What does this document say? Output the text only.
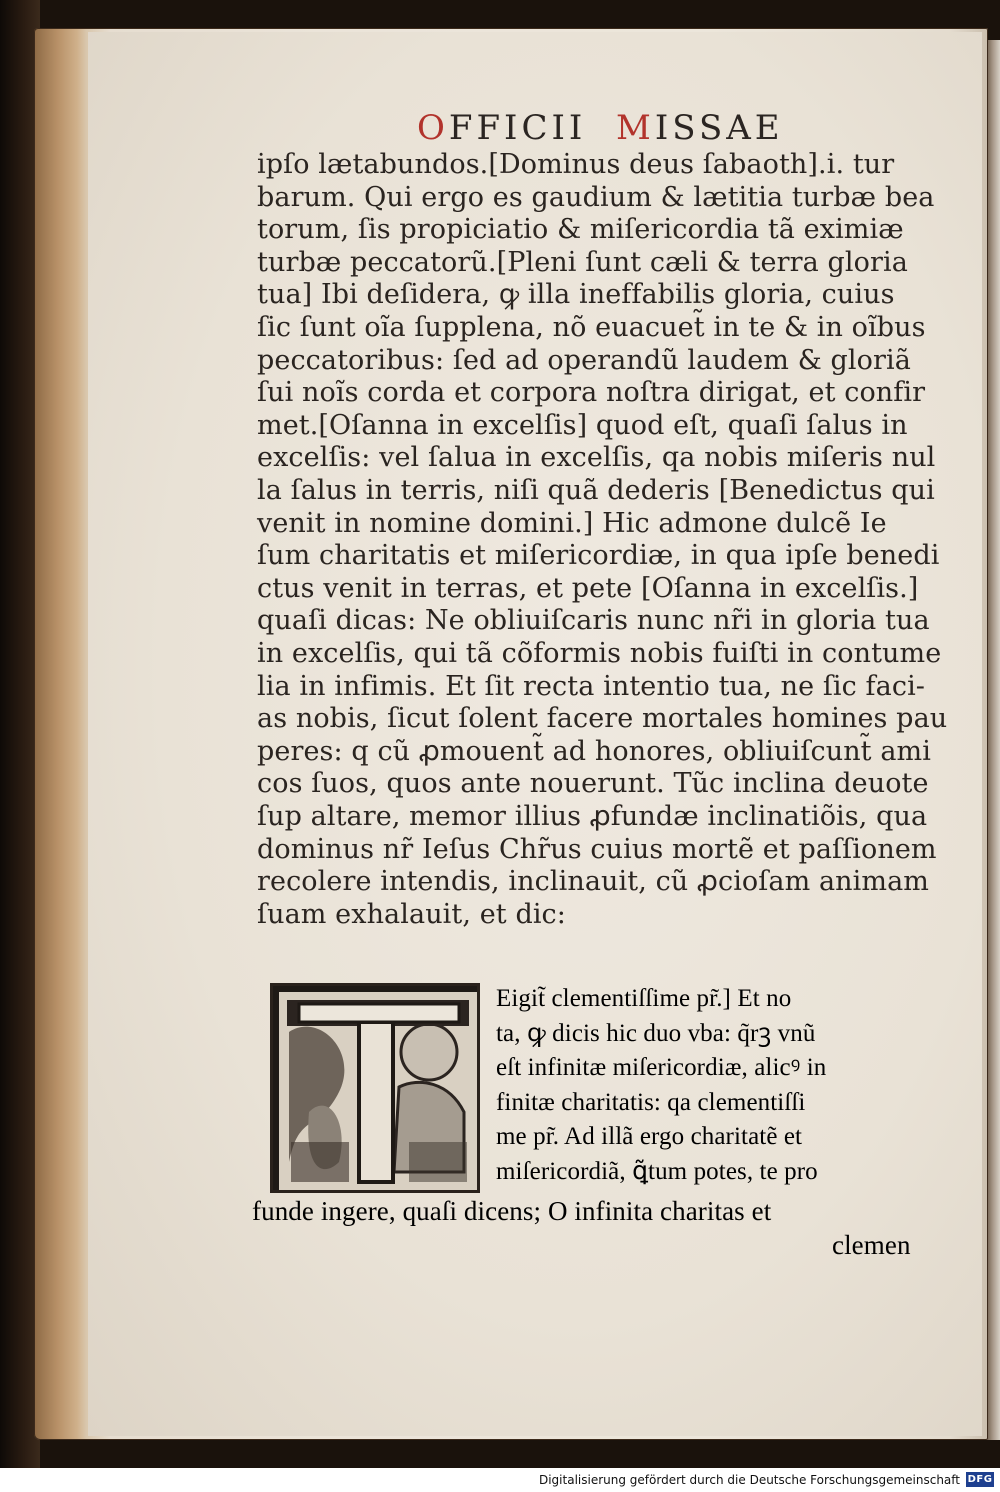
OFFICII MISSAE
ipſo lætabundos.[Dominus deus ſabaoth].i. tur
barum. Qui ergo es gaudium & lætitia turbæ bea
torum, ſis propiciatio & miſericordia tã eximiæ
turbæ peccatorũ.[Pleni ſunt cæli & terra gloria
tua] Ibi deſidera, ꝙ illa ineffabilis gloria, cuius
ſic ſunt oĩa ſupplena, nõ euacuet̃ in te & in oĩbus
peccatoribus: ſed ad operandũ laudem & gloriã
ſui noĩs corda et corpora noſtra dirigat, et confir
met.[Oſanna in excelſis] quod eſt, quaſi ſalus in
excelſis: vel ſalua in excelſis, qa nobis miſeris nul
la ſalus in terris, niſi quã dederis [Benedictus qui
venit in nomine domini.] Hic admone dulcẽ Ie
ſum charitatis et miſericordiæ, in qua ipſe benedi
ctus venit in terras, et pete [Oſanna in excelſis.]
quaſi dicas: Ne obliuiſcaris nunc nr̃i in gloria tua
in excelſis, qui tã cõformis nobis fuiſti in contume
lia in infimis. Et ſit recta intentio tua, ne ſic faci-
as nobis, ſicut ſolent facere mortales homines pau
peres: q cũ ꝓmouent̃ ad honores, obliuiſcunt̃ ami
cos ſuos, quos ante nouerunt. Tũc inclina deuote
ſup altare, memor illius ꝓfundæ inclinatiõis, qua
dominus nr̃ Ieſus Chr̃us cuius mortẽ et paſſionem
recolere intendis, inclinauit, cũ ꝓcioſam animam
ſuam exhalauit, et dic:
Eigit̃ clementiſſime pr̃.] Et no
ta, ꝙ dicis hic duo vba: q̃rꝫ vnũ
eſt infinitæ miſericordiæ, alicꝰ in
finitæ charitatis: qa clementiſſi
me pr̃. Ad illã ergo charitatẽ et
miſericordiã, ꝗ̃tum potes, te pro
funde ingere, quaſi dicens; O infinita charitas et
clemen
Digitalisierung gefördert durch die Deutsche Forschungsgemeinschaft DFG
